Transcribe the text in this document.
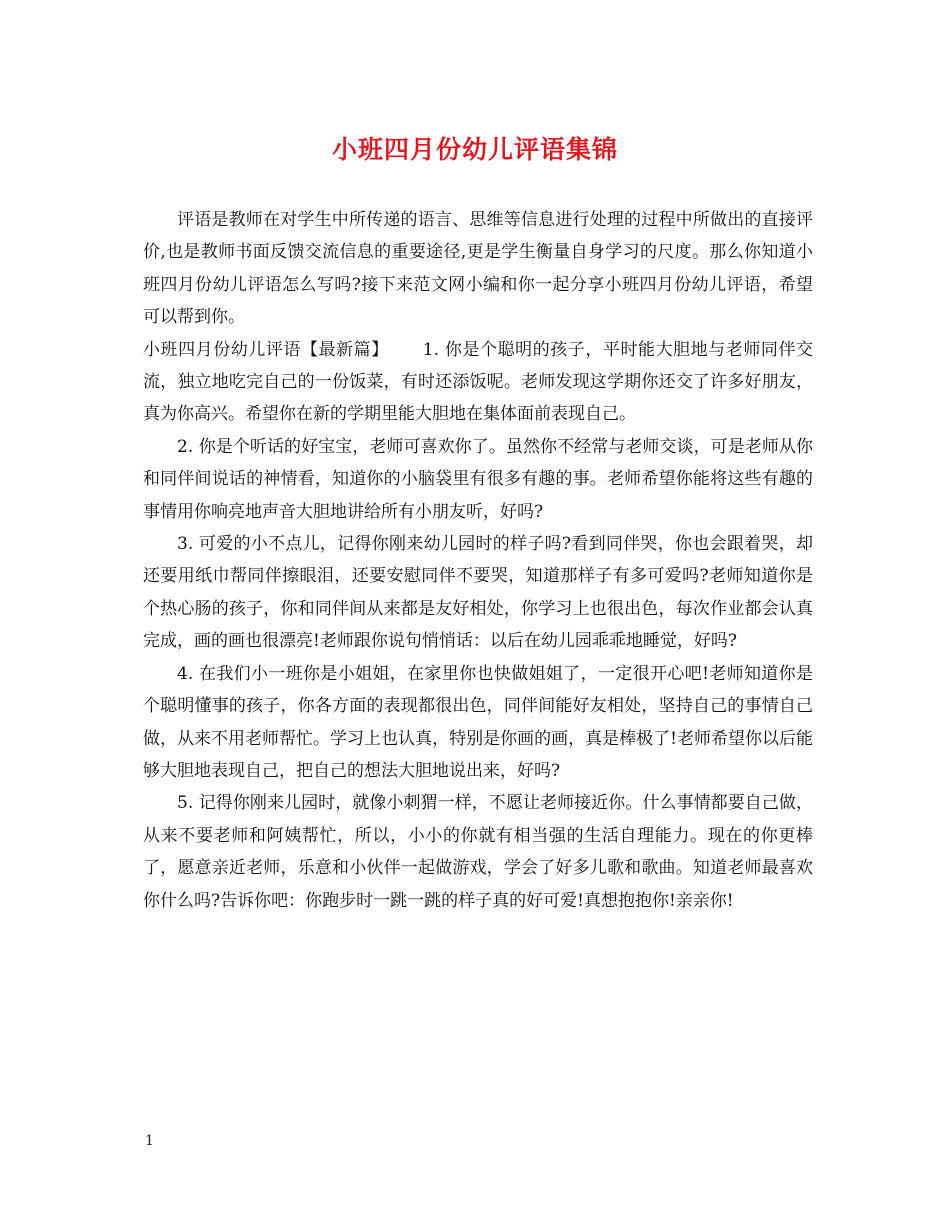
小班四月份幼儿评语集锦

评语是教师在对学生中所传递的语言、思维等信息进行处理的过程中所做出的直接评价,也是教师书面反馈交流信息的重要途径,更是学生衡量自身学习的尺度。那么你知道小班四月份幼儿评语怎么写吗?接下来范文网小编和你一起分享小班四月份幼儿评语，希望可以帮到你。

小班四月份幼儿评语【最新篇】 1. 你是个聪明的孩子，平时能大胆地与老师同伴交流，独立地吃完自己的一份饭菜，有时还添饭呢。老师发现这学期你还交了许多好朋友，真为你高兴。希望你在新的学期里能大胆地在集体面前表现自己。

2. 你是个听话的好宝宝，老师可喜欢你了。虽然你不经常与老师交谈，可是老师从你和同伴间说话的神情看，知道你的小脑袋里有很多有趣的事。老师希望你能将这些有趣的事情用你响亮地声音大胆地讲给所有小朋友听，好吗?

3. 可爱的小不点儿，记得你刚来幼儿园时的样子吗?看到同伴哭，你也会跟着哭，却还要用纸巾帮同伴擦眼泪，还要安慰同伴不要哭，知道那样子有多可爱吗?老师知道你是个热心肠的孩子，你和同伴间从来都是友好相处，你学习上也很出色，每次作业都会认真完成，画的画也很漂亮!老师跟你说句悄悄话：以后在幼儿园乖乖地睡觉，好吗?

4. 在我们小一班你是小姐姐，在家里你也快做姐姐了，一定很开心吧!老师知道你是个聪明懂事的孩子，你各方面的表现都很出色，同伴间能好友相处，坚持自己的事情自己做，从来不用老师帮忙。学习上也认真，特别是你画的画，真是棒极了!老师希望你以后能够大胆地表现自己，把自己的想法大胆地说出来，好吗?

5. 记得你刚来儿园时，就像小刺猬一样，不愿让老师接近你。什么事情都要自己做，从来不要老师和阿姨帮忙，所以，小小的你就有相当强的生活自理能力。现在的你更棒了，愿意亲近老师，乐意和小伙伴一起做游戏，学会了好多儿歌和歌曲。知道老师最喜欢你什么吗?告诉你吧：你跑步时一跳一跳的样子真的好可爱!真想抱抱你!亲亲你!

1
